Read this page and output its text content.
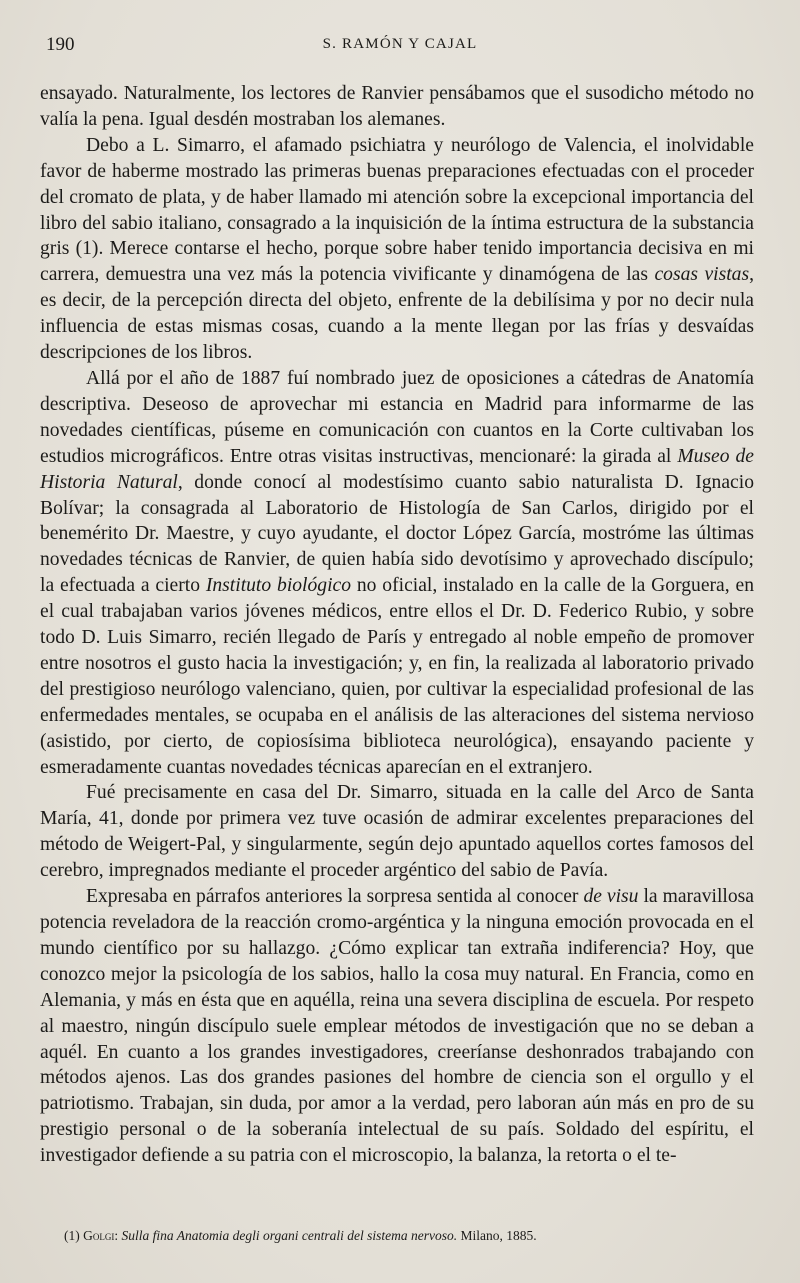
190	S. RAMÓN Y CAJAL

ensayado. Naturalmente, los lectores de Ranvier pensábamos que el susodicho método no valía la pena. Igual desdén mostraban los alemanes.

Debo a L. Simarro, el afamado psichiatra y neurólogo de Valencia, el inolvidable favor de haberme mostrado las primeras buenas preparaciones efectuadas con el proceder del cromato de plata, y de haber llamado mi atención sobre la excepcional importancia del libro del sabio italiano, consagrado a la inquisición de la íntima estructura de la substancia gris (1). Merece contarse el hecho, porque sobre haber tenido importancia decisiva en mi carrera, demuestra una vez más la potencia vivificante y dinamógena de las cosas vistas, es decir, de la percepción directa del objeto, enfrente de la debilísima y por no decir nula influencia de estas mismas cosas, cuando a la mente llegan por las frías y desvaídas descripciones de los libros.

Allá por el año de 1887 fuí nombrado juez de oposiciones a cátedras de Anatomía descriptiva. Deseoso de aprovechar mi estancia en Madrid para informarme de las novedades científicas, púseme en comunicación con cuantos en la Corte cultivaban los estudios micrográficos. Entre otras visitas instructivas, mencionaré: la girada al Museo de Historia Natural, donde conocí al modestísimo cuanto sabio naturalista D. Ignacio Bolívar; la consagrada al Laboratorio de Histología de San Carlos, dirigido por el benemérito Dr. Maestre, y cuyo ayudante, el doctor López García, mostróme las últimas novedades técnicas de Ranvier, de quien había sido devotísimo y aprovechado discípulo; la efectuada a cierto Instituto biológico no oficial, instalado en la calle de la Gorguera, en el cual trabajaban varios jóvenes médicos, entre ellos el Dr. D. Federico Rubio, y sobre todo D. Luis Simarro, recién llegado de París y entregado al noble empeño de promover entre nosotros el gusto hacia la investigación; y, en fin, la realizada al laboratorio privado del prestigioso neurólogo valenciano, quien, por cultivar la especialidad profesional de las enfermedades mentales, se ocupaba en el análisis de las alteraciones del sistema nervioso (asistido, por cierto, de copiosísima biblioteca neurológica), ensayando paciente y esmeradamente cuantas novedades técnicas aparecían en el extranjero.

Fué precisamente en casa del Dr. Simarro, situada en la calle del Arco de Santa María, 41, donde por primera vez tuve ocasión de admirar excelentes preparaciones del método de Weigert-Pal, y singularmente, según dejo apuntado aquellos cortes famosos del cerebro, impregnados mediante el proceder argéntico del sabio de Pavía.

Expresaba en párrafos anteriores la sorpresa sentida al conocer de visu la maravillosa potencia reveladora de la reacción cromo-argéntica y la ninguna emoción provocada en el mundo científico por su hallazgo. ¿Cómo explicar tan extraña indiferencia? Hoy, que conozco mejor la psicología de los sabios, hallo la cosa muy natural. En Francia, como en Alemania, y más en ésta que en aquélla, reina una severa disciplina de escuela. Por respeto al maestro, ningún discípulo suele emplear métodos de investigación que no se deban a aquél. En cuanto a los grandes investigadores, creeríanse deshonrados trabajando con métodos ajenos. Las dos grandes pasiones del hombre de ciencia son el orgullo y el patriotismo. Trabajan, sin duda, por amor a la verdad, pero laboran aún más en pro de su prestigio personal o de la soberanía intelectual de su país. Soldado del espíritu, el investigador defiende a su patria con el microscopio, la balanza, la retorta o el te-

(1) Golgi: Sulla fina Anatomia degli organi centrali del sistema nervoso. Milano, 1885.
